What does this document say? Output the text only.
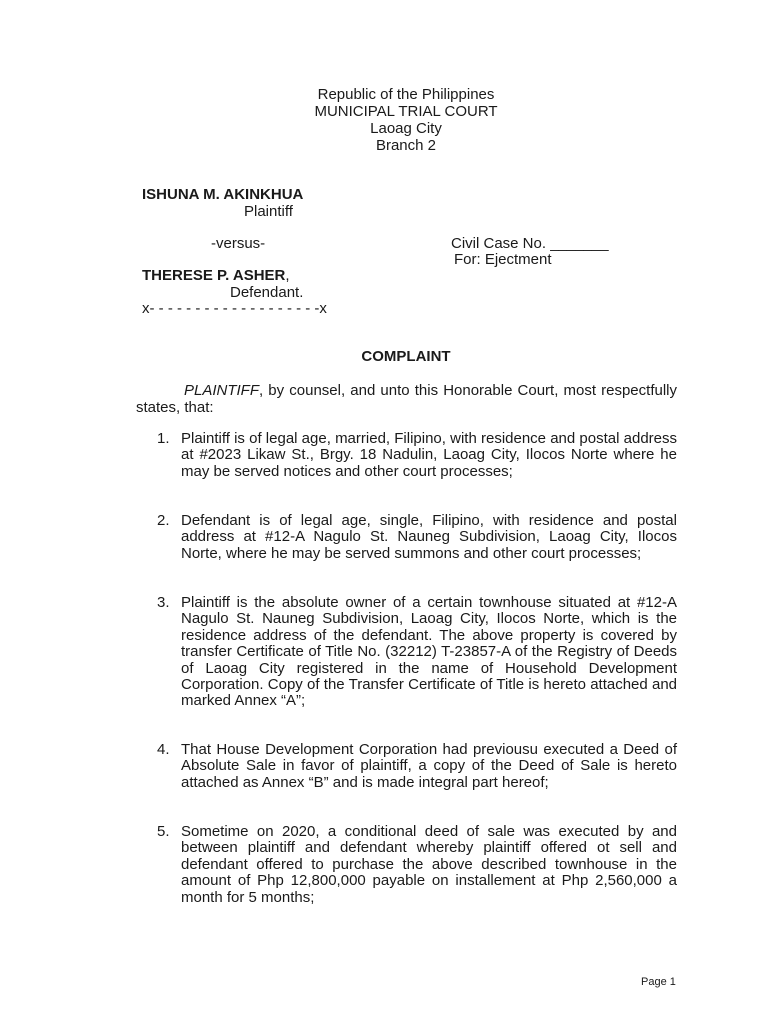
Republic of the Philippines
MUNICIPAL TRIAL COURT
Laoag City
Branch 2
ISHUNA M. AKINKHUA
Plaintiff
-versus-	Civil Case No. _______
For: Ejectment
THERESE P. ASHER,
Defendant.
x- - - - - - - - - - - - - - - - - - -x
COMPLAINT
PLAINTIFF, by counsel, and unto this Honorable Court, most respectfully states, that:
1. Plaintiff is of legal age, married, Filipino, with residence and postal address at #2023 Likaw St., Brgy. 18 Nadulin, Laoag City, Ilocos Norte where he may be served notices and other court processes;
2. Defendant is of legal age, single, Filipino, with residence and postal address at #12-A Nagulo St. Nauneg Subdivision, Laoag City, Ilocos Norte, where he may be served summons and other court processes;
3. Plaintiff is the absolute owner of a certain townhouse situated at #12-A Nagulo St. Nauneg Subdivision, Laoag City, Ilocos Norte, which is the residence address of the defendant. The above property is covered by transfer Certificate of Title No. (32212) T-23857-A of the Registry of Deeds of Laoag City registered in the name of Household Development Corporation. Copy of the Transfer Certificate of Title is hereto attached and marked Annex “A”;
4. That House Development Corporation had previousu executed a Deed of Absolute Sale in favor of plaintiff, a copy of the Deed of Sale is hereto attached as Annex “B” and is made integral part hereof;
5. Sometime on 2020, a conditional deed of sale was executed by and between plaintiff and defendant whereby plaintiff offered ot sell and defendant offered to purchase the above described townhouse in the amount of Php 12,800,000 payable on installement at Php 2,560,000 a month for 5 months;
Page 1
